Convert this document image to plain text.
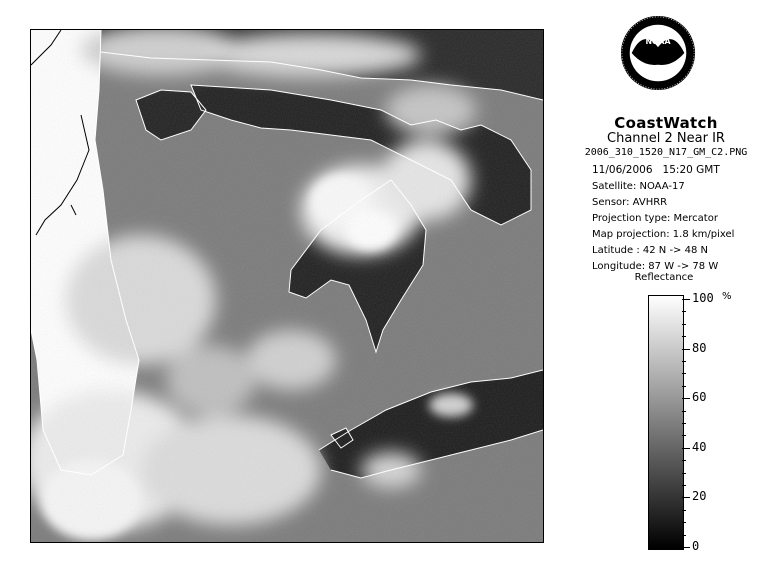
NOAA
CoastWatch
Channel 2 Near IR
2006_310_1520_N17_GM_C2.PNG
11/06/2006 15:20 GMT
Satellite: NOAA-17
Sensor: AVHRR
Projection type: Mercator
Map projection: 1.8 km/pixel
Latitude : 42 N -> 48 N
Longitude: 87 W -> 78 W
Reflectance
%
100
80
60
40
20
0
